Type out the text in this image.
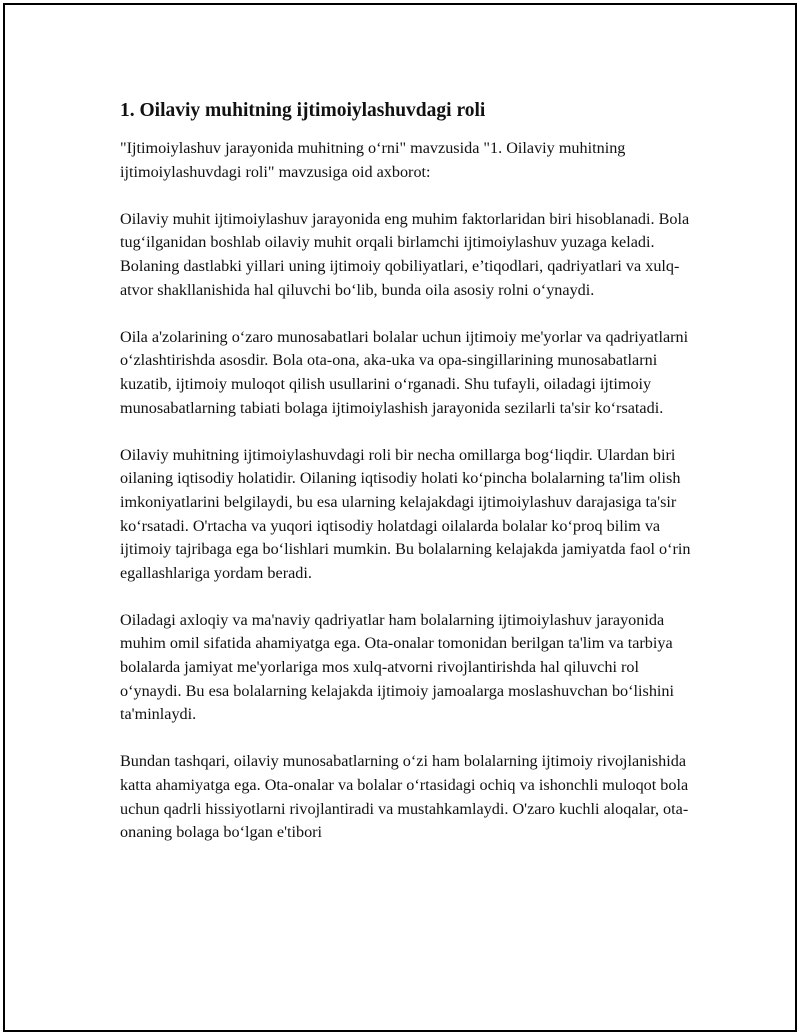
1. Oilaviy muhitning ijtimoiylashuvdagi roli

"Ijtimoiylashuv jarayonida muhitning o‘rni" mavzusida "1. Oilaviy muhitning ijtimoiylashuvdagi roli" mavzusiga oid axborot:

Oilaviy muhit ijtimoiylashuv jarayonida eng muhim faktorlaridan biri hisoblanadi. Bola tug‘ilganidan boshlab oilaviy muhit orqali birlamchi ijtimoiylashuv yuzaga keladi. Bolaning dastlabki yillari uning ijtimoiy qobiliyatlari, e’tiqodlari, qadriyatlari va xulq-atvor shakllanishida hal qiluvchi bo‘lib, bunda oila asosiy rolni o‘ynaydi.

Oila a'zolarining o‘zaro munosabatlari bolalar uchun ijtimoiy me'yorlar va qadriyatlarni o‘zlashtirishda asosdir. Bola ota-ona, aka-uka va opa-singillarining munosabatlarni kuzatib, ijtimoiy muloqot qilish usullarini o‘rganadi. Shu tufayli, oiladagi ijtimoiy munosabatlarning tabiati bolaga ijtimoiylashish jarayonida sezilarli ta'sir ko‘rsatadi.

Oilaviy muhitning ijtimoiylashuvdagi roli bir necha omillarga bog‘liqdir. Ulardan biri oilaning iqtisodiy holatidir. Oilaning iqtisodiy holati ko‘pincha bolalarning ta'lim olish imkoniyatlarini belgilaydi, bu esa ularning kelajakdagi ijtimoiylashuv darajasiga ta'sir ko‘rsatadi. O'rtacha va yuqori iqtisodiy holatdagi oilalarda bolalar ko‘proq bilim va ijtimoiy tajribaga ega bo‘lishlari mumkin. Bu bolalarning kelajakda jamiyatda faol o‘rin egallashlariga yordam beradi.

Oiladagi axloqiy va ma'naviy qadriyatlar ham bolalarning ijtimoiylashuv jarayonida muhim omil sifatida ahamiyatga ega. Ota-onalar tomonidan berilgan ta'lim va tarbiya bolalarda jamiyat me'yorlariga mos xulq-atvorni rivojlantirishda hal qiluvchi rol o‘ynaydi. Bu esa bolalarning kelajakda ijtimoiy jamoalarga moslashuvchan bo‘lishini ta'minlaydi.

Bundan tashqari, oilaviy munosabatlarning o‘zi ham bolalarning ijtimoiy rivojlanishida katta ahamiyatga ega. Ota-onalar va bolalar o‘rtasidagi ochiq va ishonchli muloqot bola uchun qadrli hissiyotlarni rivojlantiradi va mustahkamlaydi. O'zaro kuchli aloqalar, ota-onaning bolaga bo‘lgan e'tibori
